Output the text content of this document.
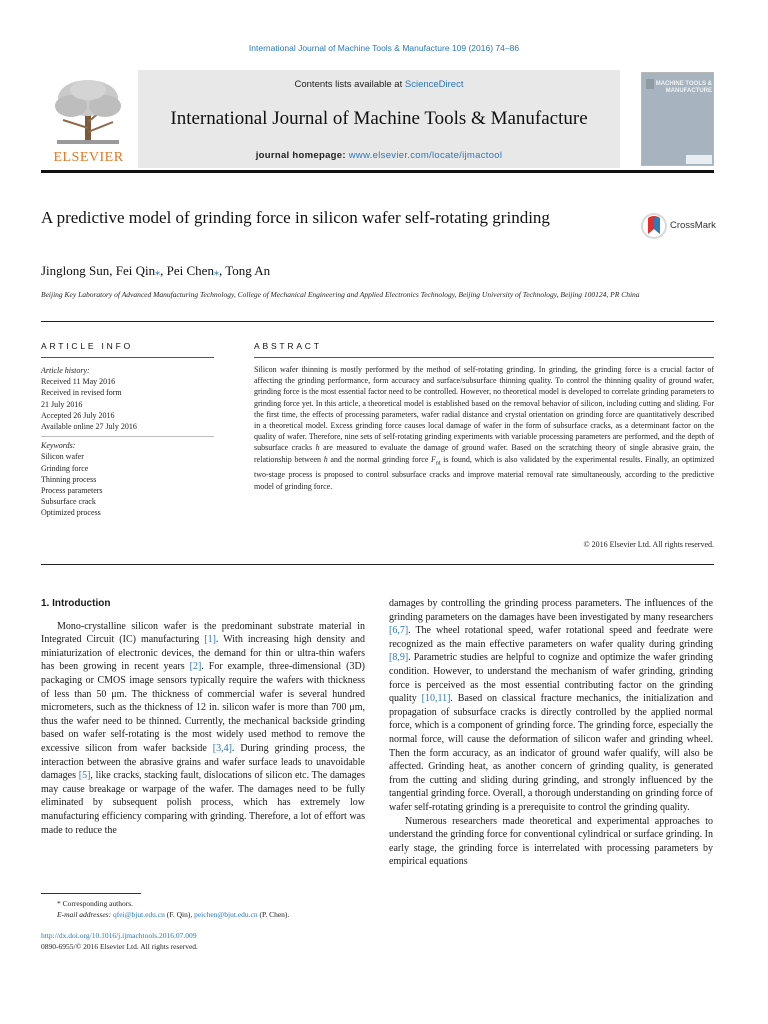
International Journal of Machine Tools & Manufacture 109 (2016) 74–86
ELSEVIER
Contents lists available at ScienceDirect
International Journal of Machine Tools & Manufacture
journal homepage: www.elsevier.com/locate/ijmactool
MACHINE TOOLS & MANUFACTURE
A predictive model of grinding force in silicon wafer self-rotating grinding	CrossMark
Jinglong Sun, Fei Qin⁎, Pei Chen⁎, Tong An
Beijing Key Laboratory of Advanced Manufacturing Technology, College of Mechanical Engineering and Applied Electronics Technology, Beijing University of Technology, Beijing 100124, PR China
ARTICLE INFO	ABSTRACT
Article history:
Received 11 May 2016
Received in revised form
21 July 2016
Accepted 26 July 2016
Available online 27 July 2016
Keywords:
Silicon wafer
Grinding force
Thinning process
Process parameters
Subsurface crack
Optimized process
Silicon wafer thinning is mostly performed by the method of self-rotating grinding. In grinding, the grinding force is a crucial factor of affecting the grinding performance, form accuracy and surface/subsurface thinning quality. To control the thinning quality of ground wafer, grinding force is the most essential factor need to be controlled. However, no theoretical model is developed to correlate grinding parameters to grinding force yet. In this article, a theoretical model is established based on the removal behavior of silicon, including cutting and sliding. For the first time, the effects of processing parameters, wafer radial distance and crystal orientation on grinding force are quantitatively described in a theoretical model. Excess grinding force causes local damage of wafer in the form of subsurface cracks, as a determinant factor on the quality of wafer. Therefore, nine sets of self-rotating grinding experiments with variable processing parameters are performed, and the depth of subsurface cracks h are measured to evaluate the damage of ground wafer. Based on the scratching theory of single abrasive grain, the relationship between h and the normal grinding force $F_{nt}$ is found, which is also validated by the experimental results. Finally, an optimized two-stage process is proposed to control subsurface cracks and improve material removal rate simultaneously, according to the predictive model of grinding force.
© 2016 Elsevier Ltd. All rights reserved.
1. Introduction

Mono-crystalline silicon wafer is the predominant substrate material in Integrated Circuit (IC) manufacturing [1]. With increasing high density and miniaturization of electronic devices, the demand for thin or ultra-thin wafers has been growing in recent years [2]. For example, three-dimensional (3D) packaging or CMOS image sensors typically require the wafers with thickness of less than 50 μm. The thickness of commercial wafer is several hundred micrometers, such as the thickness of 12 in. silicon wafer is more than 700 μm, thus the wafer need to be thinned. Currently, the mechanical backside grinding based on wafer self-rotating is the most widely used method to remove the excessive silicon from wafer backside [3,4]. During grinding process, the interaction between the abrasive grains and wafer surface leads to unavoidable damages [5], like cracks, stacking fault, dislocations of silicon etc. The damages may cause breakage or warpage of the wafer. The damages need to be fully eliminated by subsequent polish process, which has extremely low manufacturing efficiency comparing with grinding. Therefore, a lot of effort was made to reduce the

damages by controlling the grinding process parameters. The influences of the grinding parameters on the damages have been investigated by many researchers [6,7]. The wheel rotational speed, wafer rotational speed and feedrate were recognized as the main effective parameters on wafer quality during grinding [8,9]. Parametric studies are helpful to cognize and optimize the wafer grinding condition. However, to understand the mechanism of wafer grinding, grinding force is perceived as the most essential contributing factor on the grinding quality [10,11]. Based on classical fracture mechanics, the initialization and propagation of subsurface cracks is directly controlled by the applied normal force, which is a component of grinding force. The grinding force, especially the normal force, will cause the deformation of silicon wafer and grinding wheel. Then the form accuracy, as an indicator of ground wafer qualify, will also be affected. Grinding heat, as another concern of grinding quality, is generated from the cutting and sliding during grinding, and strongly influenced by the tangential grinding force. Overall, a thorough understanding on grinding force of wafer self-rotating grinding is a prerequisite to control the grinding quality.

Numerous researchers made theoretical and experimental approaches to understand the grinding force for conventional cylindrical or surface grinding. In early stage, the grinding force is interrelated with processing parameters by empirical equations

* Corresponding authors.
E-mail addresses: qfei@bjut.edu.cn (F. Qin), peichen@bjut.edu.cn (P. Chen).
http://dx.doi.org/10.1016/j.ijmachtools.2016.07.009
0890-6955/© 2016 Elsevier Ltd. All rights reserved.
